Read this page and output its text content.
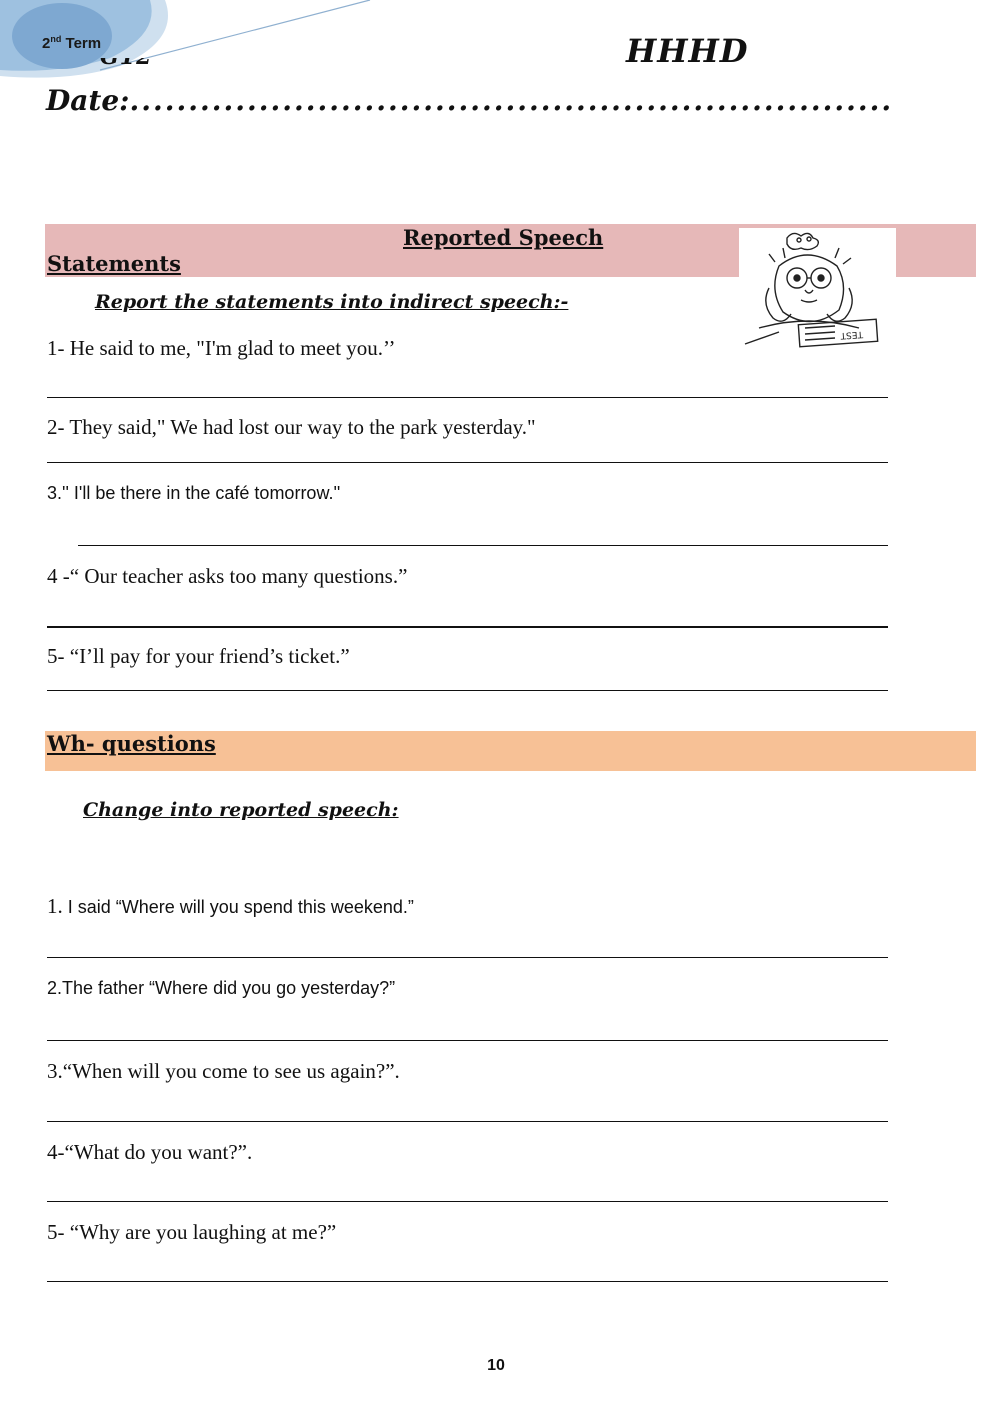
2nd Term	HHHD
Date:.................................................................
Reported Speech
Statements
TEST
Report the statements into indirect speech:-
1- He said to me, "I'm glad to meet you.’’
2- They said," We had lost our way to the park yesterday."
3.'' I'll be there in the café tomorrow.''
4 -“ Our teacher asks too many questions.”
5- “I’ll pay for your friend’s ticket.”
Wh- questions
Change into reported speech:
1. I said “Where will you spend this weekend.”
2.The father “Where did you go yesterday?”
3.“When will you come to see us again?”.
4-“What do you want?”.
5- “Why are you laughing at me?”
10
